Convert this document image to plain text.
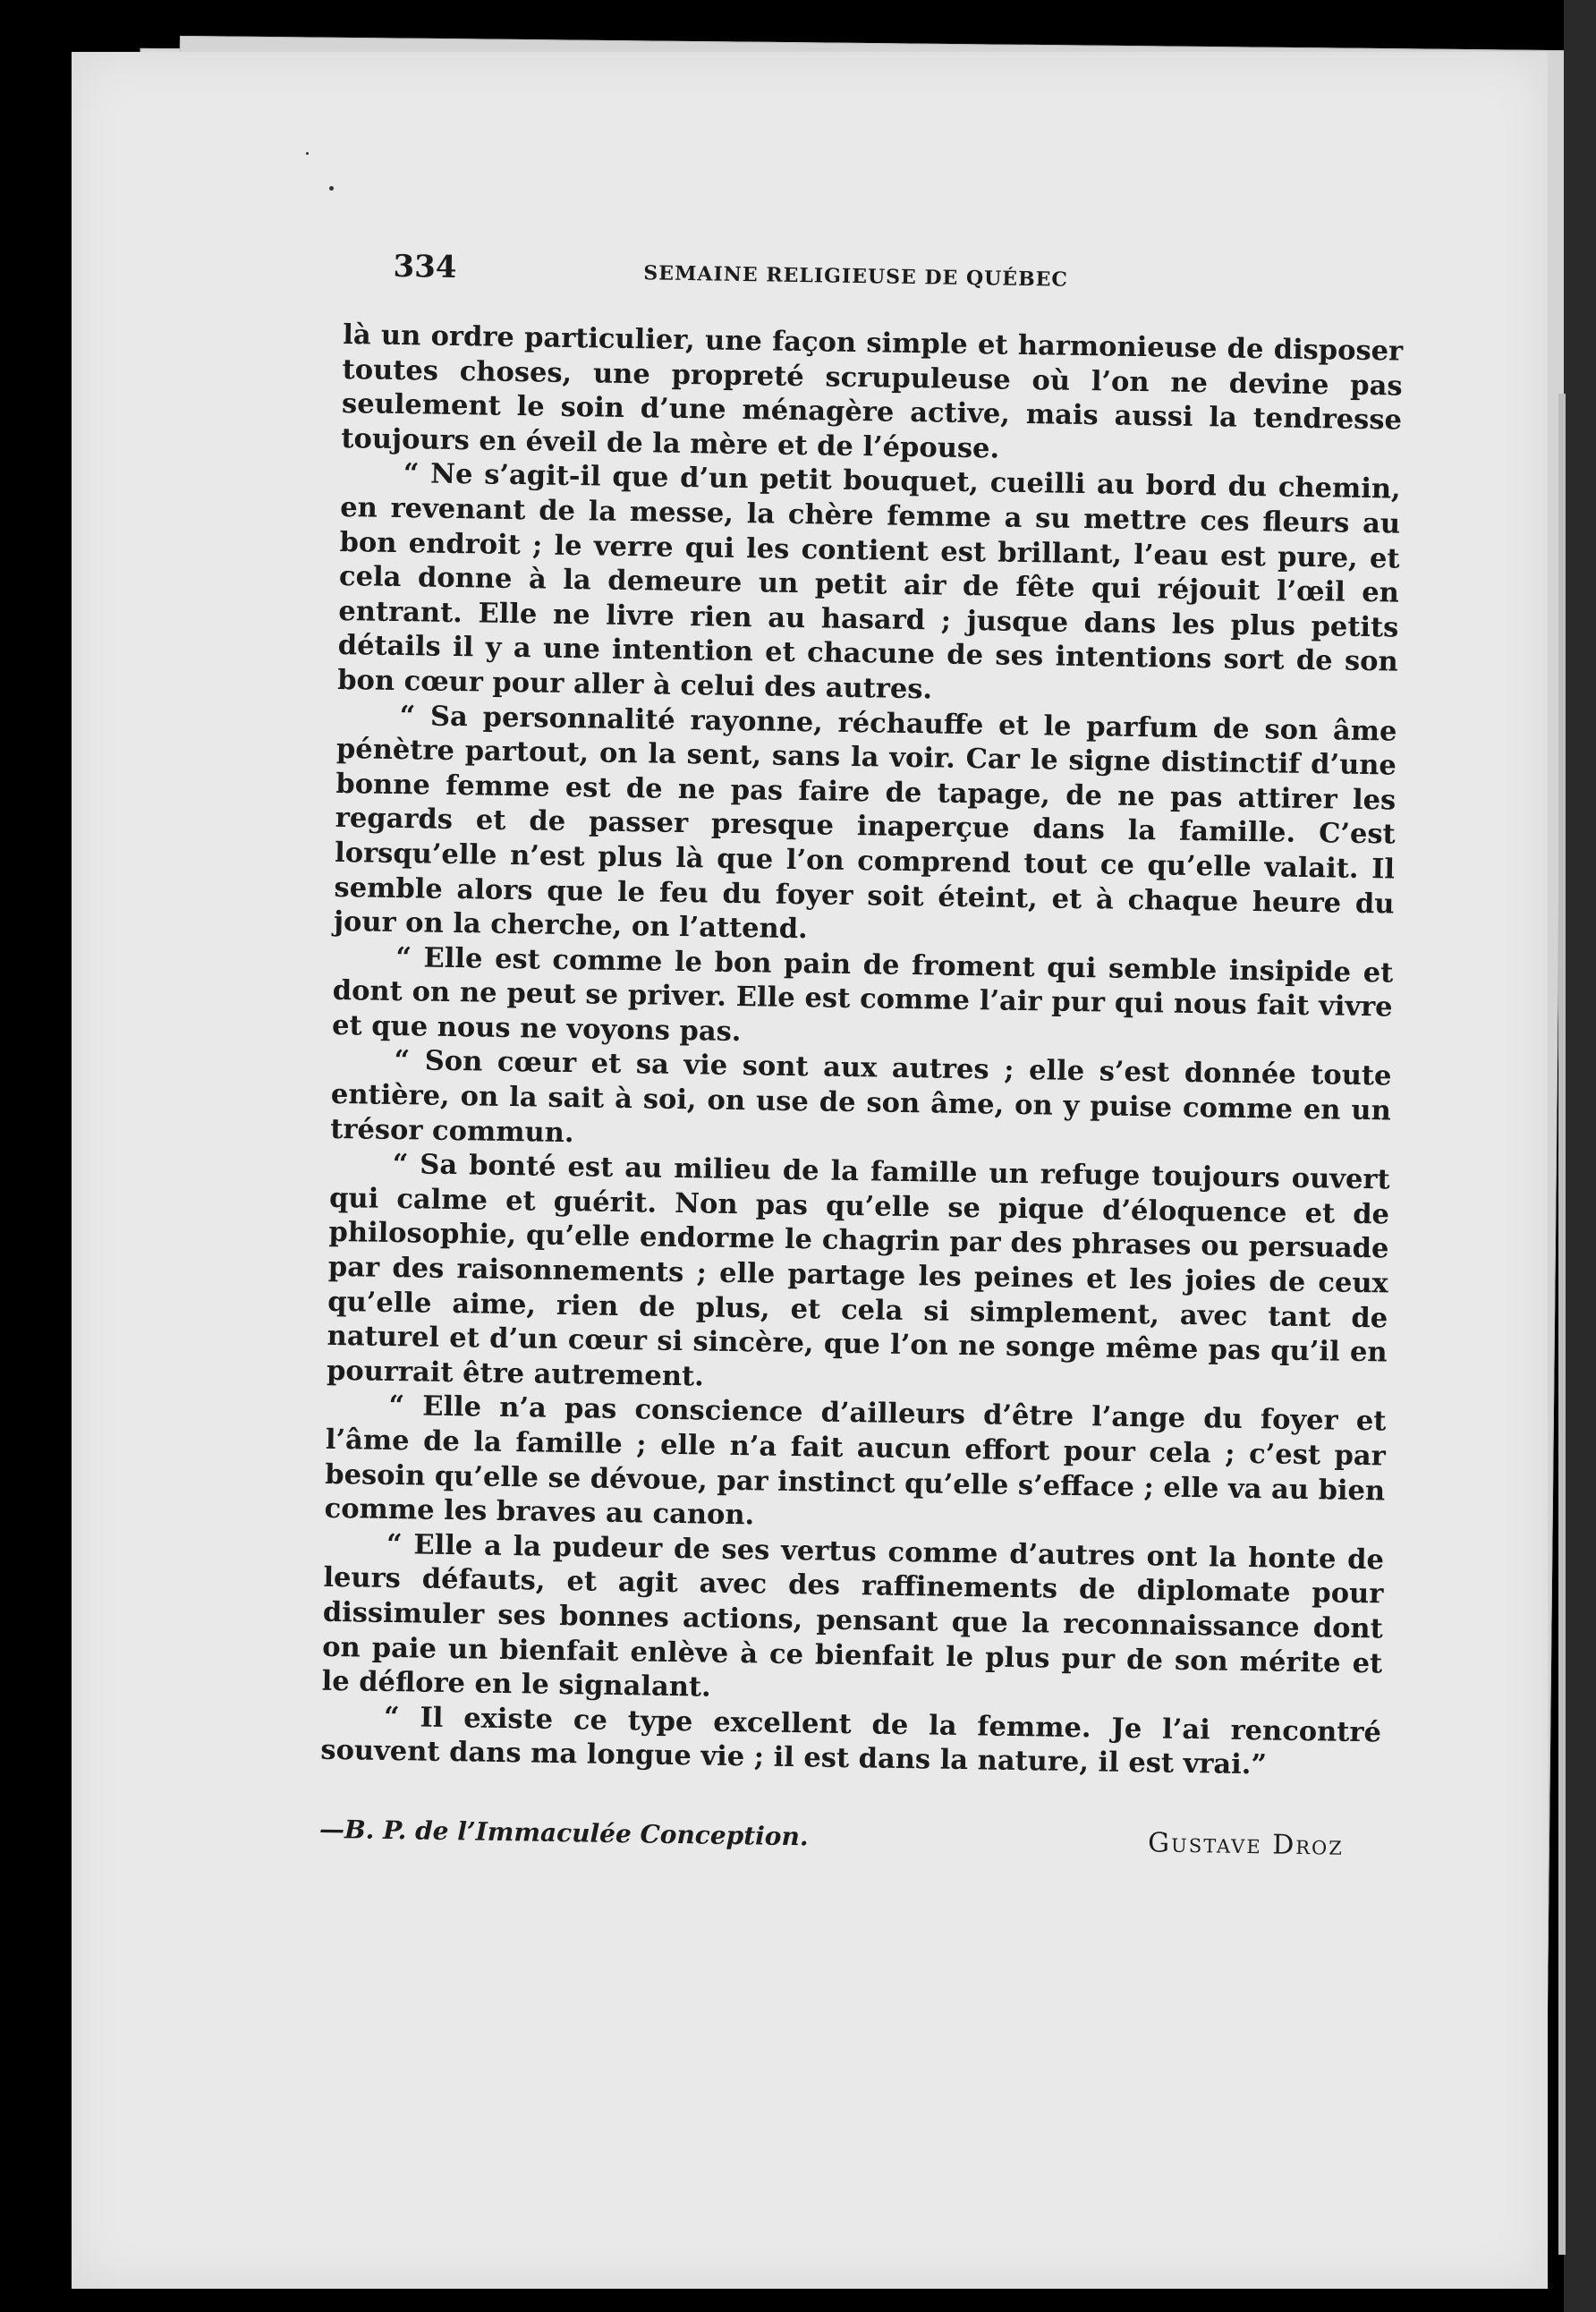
334	SEMAINE RELIGIEUSE DE QUÉBEC

là un ordre particulier, une façon simple et harmonieuse de disposer toutes choses, une propreté scrupuleuse où l’on ne devine pas seulement le soin d’une ménagère active, mais aussi la tendresse toujours en éveil de la mère et de l’épouse.

“ Ne s’agit-il que d’un petit bouquet, cueilli au bord du chemin, en revenant de la messe, la chère femme a su mettre ces fleurs au bon endroit ; le verre qui les contient est brillant, l’eau est pure, et cela donne à la demeure un petit air de fête qui réjouit l’œil en entrant. Elle ne livre rien au hasard ; jusque dans les plus petits détails il y a une intention et chacune de ses intentions sort de son bon cœur pour aller à celui des autres.

“ Sa personnalité rayonne, réchauffe et le parfum de son âme pénètre partout, on la sent, sans la voir. Car le signe distinctif d’une bonne femme est de ne pas faire de tapage, de ne pas attirer les regards et de passer presque inaperçue dans la famille. C’est lorsqu’elle n’est plus là que l’on comprend tout ce qu’elle valait. Il semble alors que le feu du foyer soit éteint, et à chaque heure du jour on la cherche, on l’attend.

“ Elle est comme le bon pain de froment qui semble insipide et dont on ne peut se priver. Elle est comme l’air pur qui nous fait vivre et que nous ne voyons pas.

“ Son cœur et sa vie sont aux autres ; elle s’est donnée toute entière, on la sait à soi, on use de son âme, on y puise comme en un trésor commun.

“ Sa bonté est au milieu de la famille un refuge toujours ouvert qui calme et guérit. Non pas qu’elle se pique d’éloquence et de philosophie, qu’elle endorme le chagrin par des phrases ou persuade par des raisonnements ; elle partage les peines et les joies de ceux qu’elle aime, rien de plus, et cela si simplement, avec tant de naturel et d’un cœur si sincère, que l’on ne songe même pas qu’il en pourrait être autrement.

“ Elle n’a pas conscience d’ailleurs d’être l’ange du foyer et l’âme de la famille ; elle n’a fait aucun effort pour cela ; c’est par besoin qu’elle se dévoue, par instinct qu’elle s’efface ; elle va au bien comme les braves au canon.

“ Elle a la pudeur de ses vertus comme d’autres ont la honte de leurs défauts, et agit avec des raffinements de diplomate pour dissimuler ses bonnes actions, pensant que la reconnaissance dont on paie un bienfait enlève à ce bienfait le plus pur de son mérite et le déflore en le signalant.

“ Il existe ce type excellent de la femme. Je l’ai rencontré souvent dans ma longue vie ; il est dans la nature, il est vrai.”

—B. P. de l’Immaculée Conception.	Gustave Droz
